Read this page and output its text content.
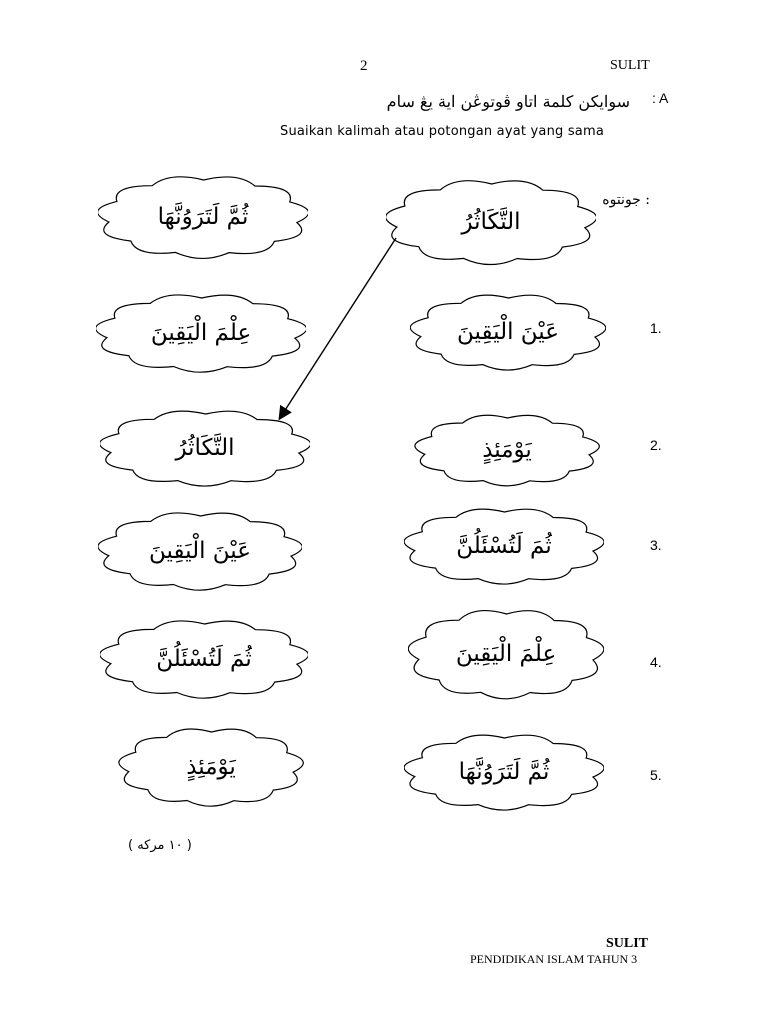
2	SULIT
: A
سوايکن کلمة اتاو ڤوتوڠن اية يڠ سام
Suaikan kalimah atau potongan ayat yang sama
: جونتوه
التَّكَاثُرُ
ثُمَّ لَتَرَوُنَّهَا
عِلْمَ الْيَقِينَ
التَّكَاثُرُ
عَيْنَ الْيَقِينَ
ثُمَ لَتُسْئَلُنَّ
يَوْمَئِذٍ
عَيْنَ الْيَقِينَ
يَوْمَئِذٍ
ثُمَ لَتُسْئَلُنَّ
عِلْمَ الْيَقِينَ
ثُمَّ لَتَرَوُنَّهَا
1.
2.
3.
4.
5.
( ١٠ مرکه )
SULIT
PENDIDIKAN ISLAM TAHUN 3
